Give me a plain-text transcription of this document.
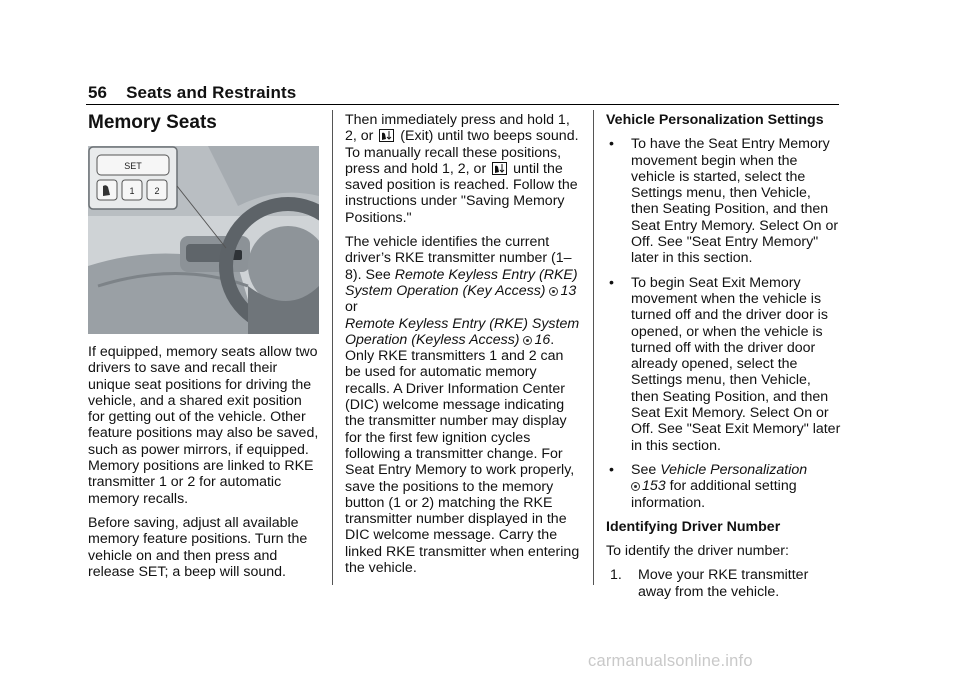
56 Seats and Restraints
Memory Seats
SET
1 2

If equipped, memory seats allow two drivers to save and recall their unique seat positions for driving the vehicle, and a shared exit position for getting out of the vehicle. Other feature positions may also be saved, such as power mirrors, if equipped. Memory positions are linked to RKE transmitter 1 or 2 for automatic memory recalls.

Before saving, adjust all available memory feature positions. Turn the vehicle on and then press and release SET; a beep will sound.

Then immediately press and hold 1, 2, or (Exit) until two beeps sound. To manually recall these positions, press and hold 1, 2, or until the saved position is reached. Follow the instructions under "Saving Memory Positions."

The vehicle identifies the current driver’s RKE transmitter number (1–8). See Remote Keyless Entry (RKE) System Operation (Key Access) 13 or
Remote Keyless Entry (RKE) System Operation (Keyless Access) 16. Only RKE transmitters 1 and 2 can be used for automatic memory recalls. A Driver Information Center (DIC) welcome message indicating the transmitter number may display for the first few ignition cycles following a transmitter change. For Seat Entry Memory to work properly, save the positions to the memory button (1 or 2) matching the RKE transmitter number displayed in the DIC welcome message. Carry the linked RKE transmitter when entering the vehicle.

Vehicle Personalization Settings
•	To have the Seat Entry Memory movement begin when the vehicle is started, select the Settings menu, then Vehicle, then Seating Position, and then Seat Entry Memory. Select On or Off. See "Seat Entry Memory" later in this section.
•	To begin Seat Exit Memory movement when the vehicle is turned off and the driver door is opened, or when the vehicle is turned off with the driver door already opened, select the Settings menu, then Vehicle, then Seating Position, and then Seat Exit Memory. Select On or Off. See "Seat Exit Memory" later in this section.
•	See Vehicle Personalization
153 for additional setting information.
Identifying Driver Number

To identify the driver number:

1.	Move your RKE transmitter away from the vehicle.
carmanualsonline.info
